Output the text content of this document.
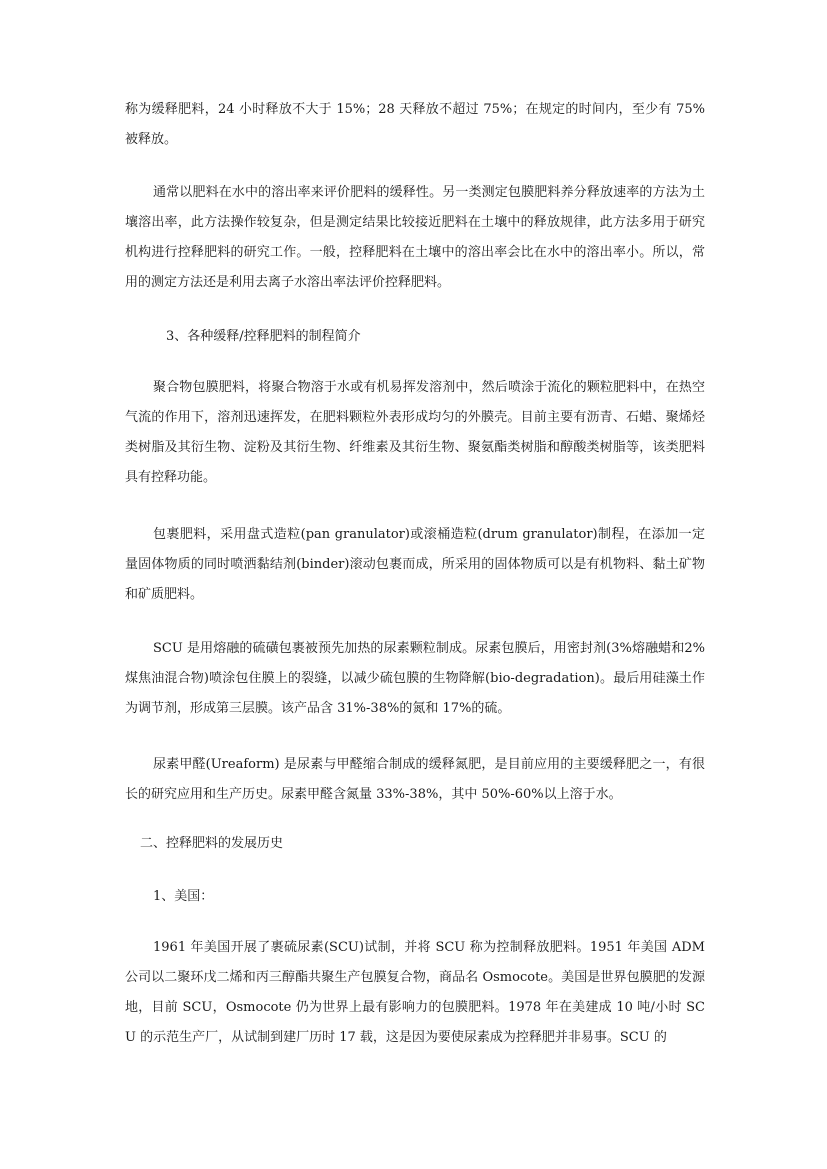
称为缓释肥料，24 小时释放不大于 15%；28 天释放不超过 75%；在规定的时间内，至少有 75% 被释放。

通常以肥料在水中的溶出率来评价肥料的缓释性。另一类测定包膜肥料养分释放速率的方法为土壤溶出率，此方法操作较复杂，但是测定结果比较接近肥料在土壤中的释放规律，此方法多用于研究机构进行控释肥料的研究工作。一般，控释肥料在土壤中的溶出率会比在水中的溶出率小。所以，常用的测定方法还是利用去离子水溶出率法评价控释肥料。

3、各种缓释/控释肥料的制程简介

聚合物包膜肥料，将聚合物溶于水或有机易挥发溶剂中，然后喷涂于流化的颗粒肥料中，在热空气流的作用下，溶剂迅速挥发，在肥料颗粒外表形成均匀的外膜壳。目前主要有沥青、石蜡、聚烯烃类树脂及其衍生物、淀粉及其衍生物、纤维素及其衍生物、聚氨酯类树脂和醇酸类树脂等，该类肥料具有控释功能。

包裹肥料，采用盘式造粒(pan granulator)或滚桶造粒(drum granulator)制程，在添加一定量固体物质的同时喷洒黏结剂(binder)滚动包裹而成，所采用的固体物质可以是有机物料、黏土矿物和矿质肥料。

SCU 是用熔融的硫磺包裹被预先加热的尿素颗粒制成。尿素包膜后，用密封剂(3%熔融蜡和2%煤焦油混合物)喷涂包住膜上的裂缝，以减少硫包膜的生物降解(bio-degradation)。最后用硅藻土作为调节剂，形成第三层膜。该产品含 31%-38%的氮和 17%的硫。

尿素甲醛(Ureaform) 是尿素与甲醛缩合制成的缓释氮肥，是目前应用的主要缓释肥之一，有很长的研究应用和生产历史。尿素甲醛含氮量 33%-38%，其中 50%-60%以上溶于水。

二、控释肥料的发展历史

1、美国：

1961 年美国开展了裹硫尿素(SCU)试制，并将 SCU 称为控制释放肥料。1951 年美国 ADM 公司以二聚环戊二烯和丙三醇酯共聚生产包膜复合物，商品名 Osmocote。美国是世界包膜肥的发源地，目前 SCU，Osmocote 仍为世界上最有影响力的包膜肥料。1978 年在美建成 10 吨/小时 SCU 的示范生产厂，从试制到建厂历时 17 载，这是因为要使尿素成为控释肥并非易事。SCU 的
